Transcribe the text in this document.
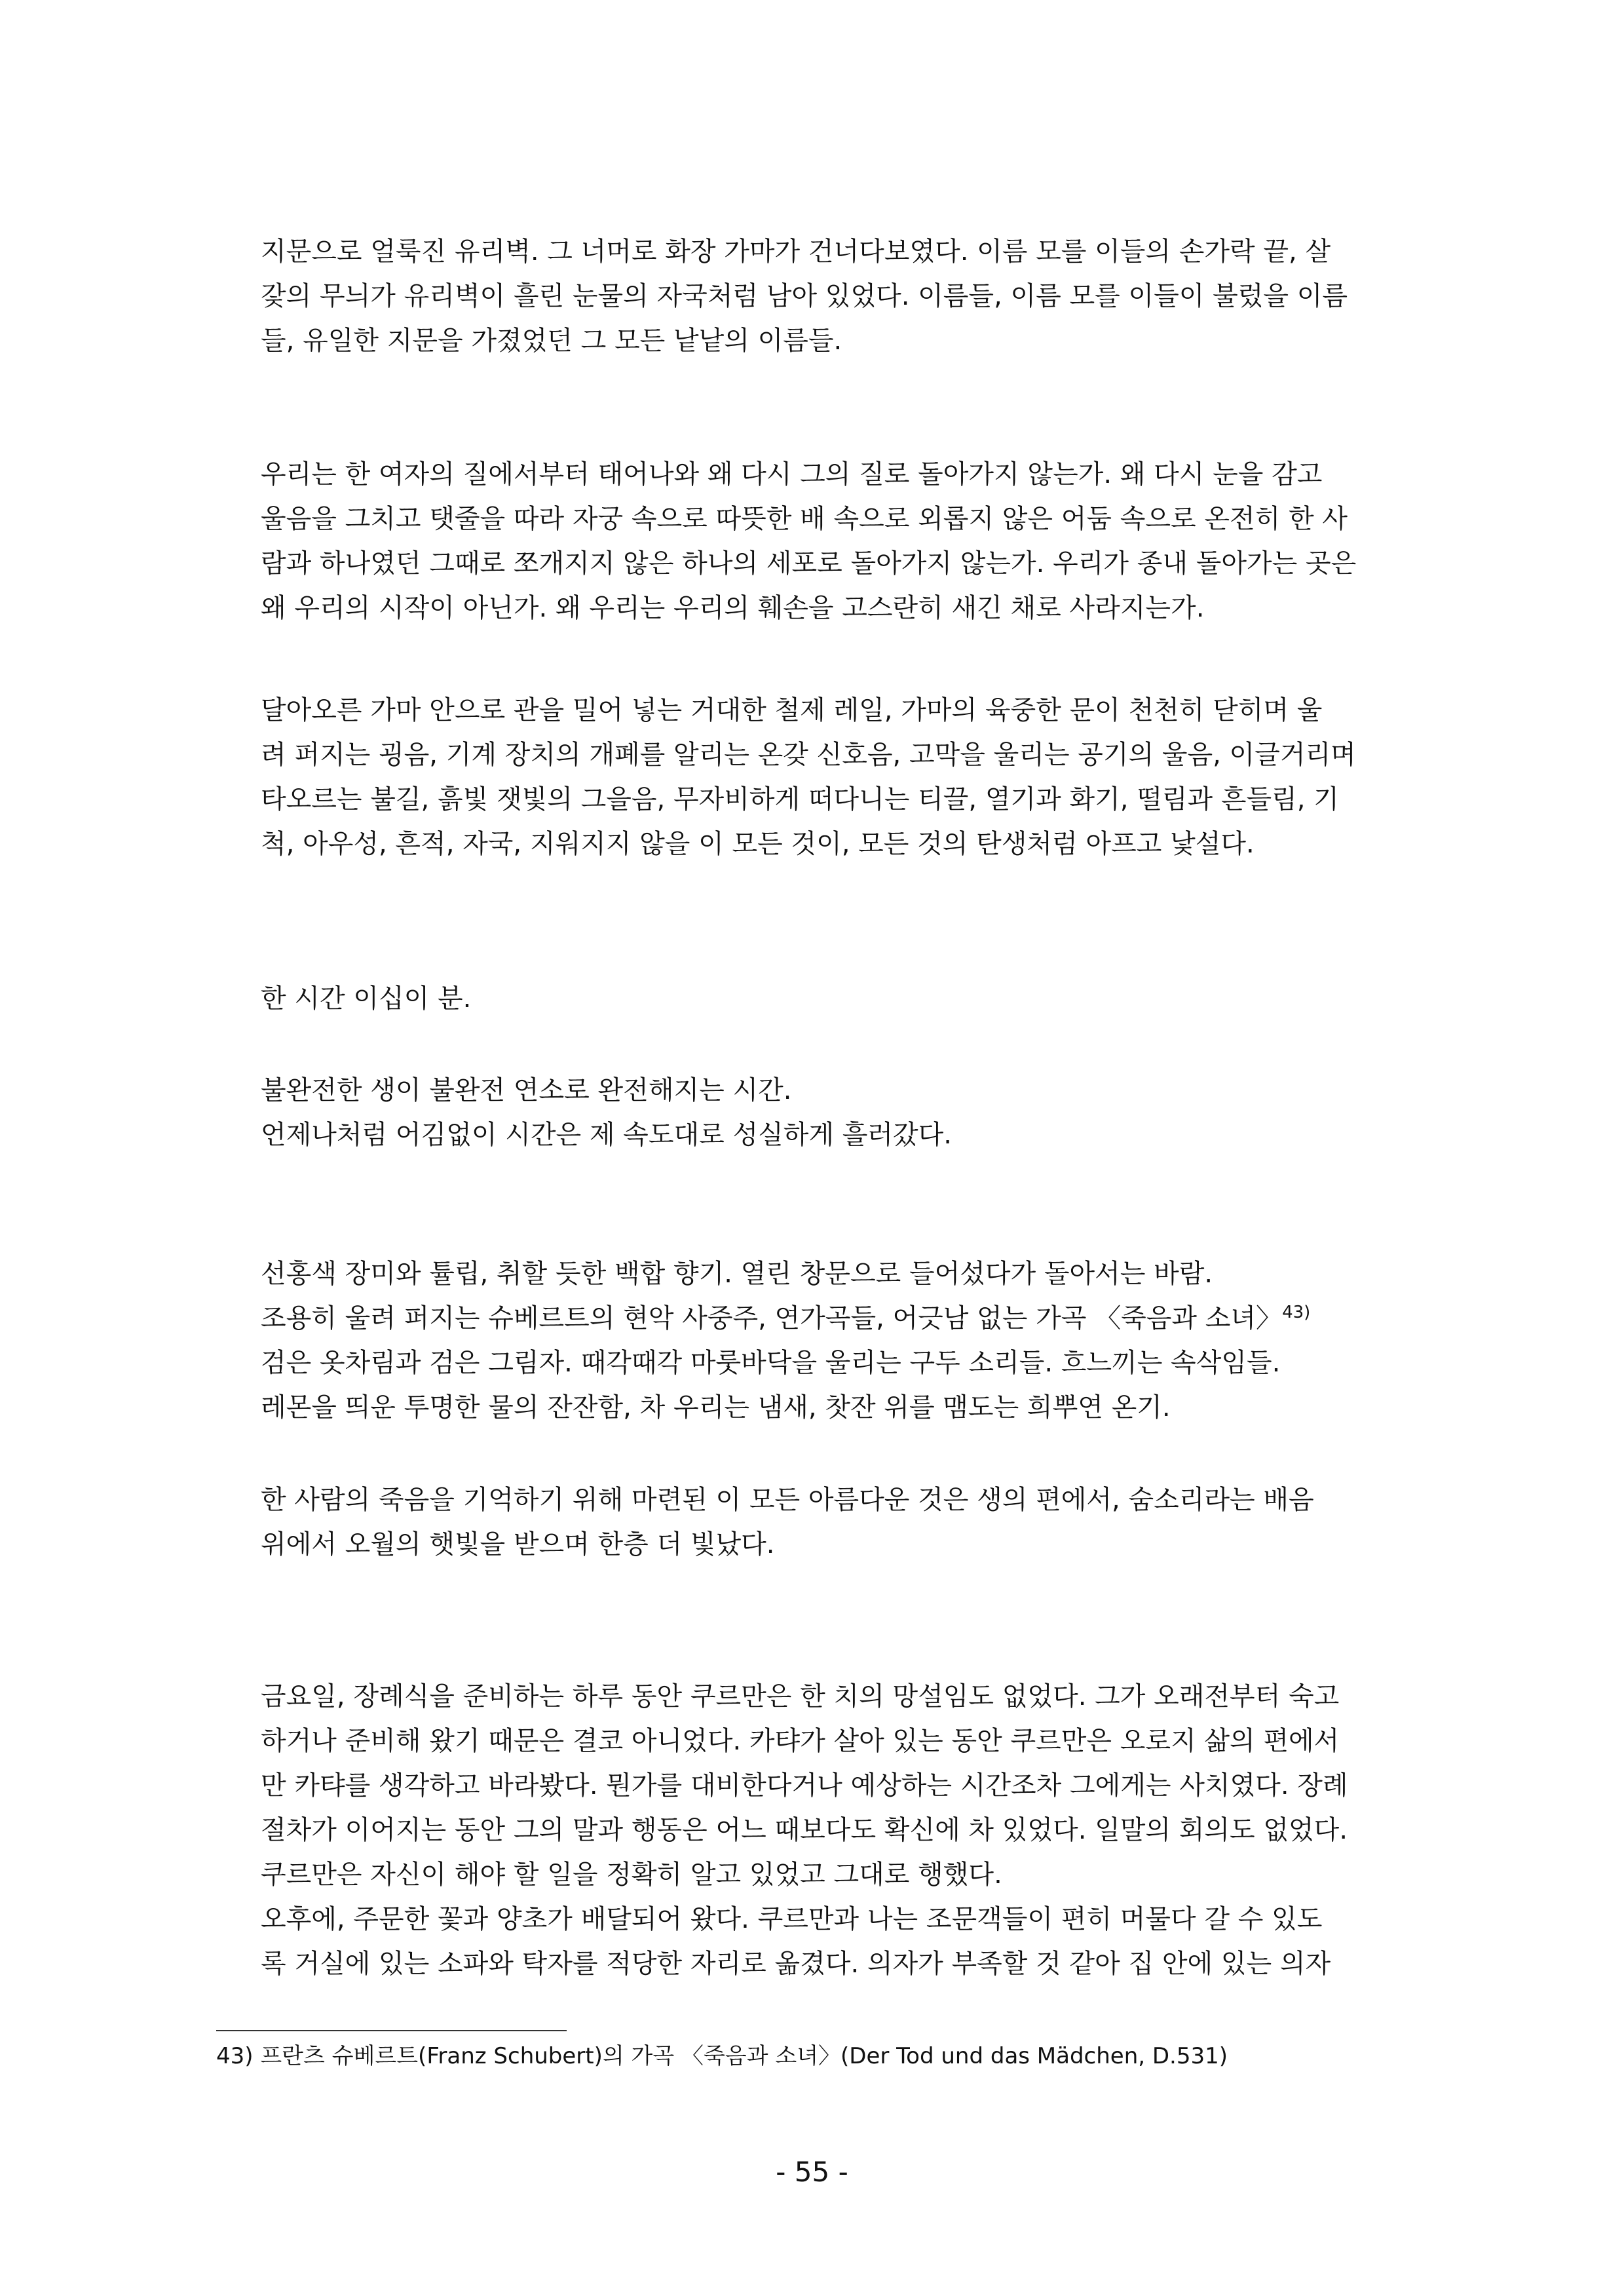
지문으로 얼룩진 유리벽. 그 너머로 화장 가마가 건너다보였다. 이름 모를 이들의 손가락 끝, 살
갗의 무늬가 유리벽이 흘린 눈물의 자국처럼 남아 있었다. 이름들, 이름 모를 이들이 불렀을 이름
들, 유일한 지문을 가졌었던 그 모든 낱낱의 이름들.

우리는 한 여자의 질에서부터 태어나와 왜 다시 그의 질로 돌아가지 않는가. 왜 다시 눈을 감고
울음을 그치고 탯줄을 따라 자궁 속으로 따뜻한 배 속으로 외롭지 않은 어둠 속으로 온전히 한 사
람과 하나였던 그때로 쪼개지지 않은 하나의 세포로 돌아가지 않는가. 우리가 종내 돌아가는 곳은
왜 우리의 시작이 아닌가. 왜 우리는 우리의 훼손을 고스란히 새긴 채로 사라지는가.

달아오른 가마 안으로 관을 밀어 넣는 거대한 철제 레일, 가마의 육중한 문이 천천히 닫히며 울
려 퍼지는 굉음, 기계 장치의 개폐를 알리는 온갖 신호음, 고막을 울리는 공기의 울음, 이글거리며
타오르는 불길, 흙빛 잿빛의 그을음, 무자비하게 떠다니는 티끌, 열기과 화기, 떨림과 흔들림, 기
척, 아우성, 흔적, 자국, 지워지지 않을 이 모든 것이, 모든 것의 탄생처럼 아프고 낯설다.

한 시간 이십이 분.

불완전한 생이 불완전 연소로 완전해지는 시간.
언제나처럼 어김없이 시간은 제 속도대로 성실하게 흘러갔다.

선홍색 장미와 튤립, 취할 듯한 백합 향기. 열린 창문으로 들어섰다가 돌아서는 바람.
조용히 울려 퍼지는 슈베르트의 현악 사중주, 연가곡들, 어긋남 없는 가곡 〈죽음과 소녀〉$^{43)}$
검은 옷차림과 검은 그림자. 때각때각 마룻바닥을 울리는 구두 소리들. 흐느끼는 속삭임들.
레몬을 띄운 투명한 물의 잔잔함, 차 우리는 냄새, 찻잔 위를 맴도는 희뿌연 온기.

한 사람의 죽음을 기억하기 위해 마련된 이 모든 아름다운 것은 생의 편에서, 숨소리라는 배음
위에서 오월의 햇빛을 받으며 한층 더 빛났다.

금요일, 장례식을 준비하는 하루 동안 쿠르만은 한 치의 망설임도 없었다. 그가 오래전부터 숙고
하거나 준비해 왔기 때문은 결코 아니었다. 카탸가 살아 있는 동안 쿠르만은 오로지 삶의 편에서
만 카탸를 생각하고 바라봤다. 뭔가를 대비한다거나 예상하는 시간조차 그에게는 사치였다. 장례
절차가 이어지는 동안 그의 말과 행동은 어느 때보다도 확신에 차 있었다. 일말의 회의도 없었다.
쿠르만은 자신이 해야 할 일을 정확히 알고 있었고 그대로 행했다.

오후에, 주문한 꽃과 양초가 배달되어 왔다. 쿠르만과 나는 조문객들이 편히 머물다 갈 수 있도
록 거실에 있는 소파와 탁자를 적당한 자리로 옮겼다. 의자가 부족할 것 같아 집 안에 있는 의자

43) 프란츠 슈베르트(Franz Schubert)의 가곡 〈죽음과 소녀〉(Der Tod und das Mädchen, D.531)

- 55 -
